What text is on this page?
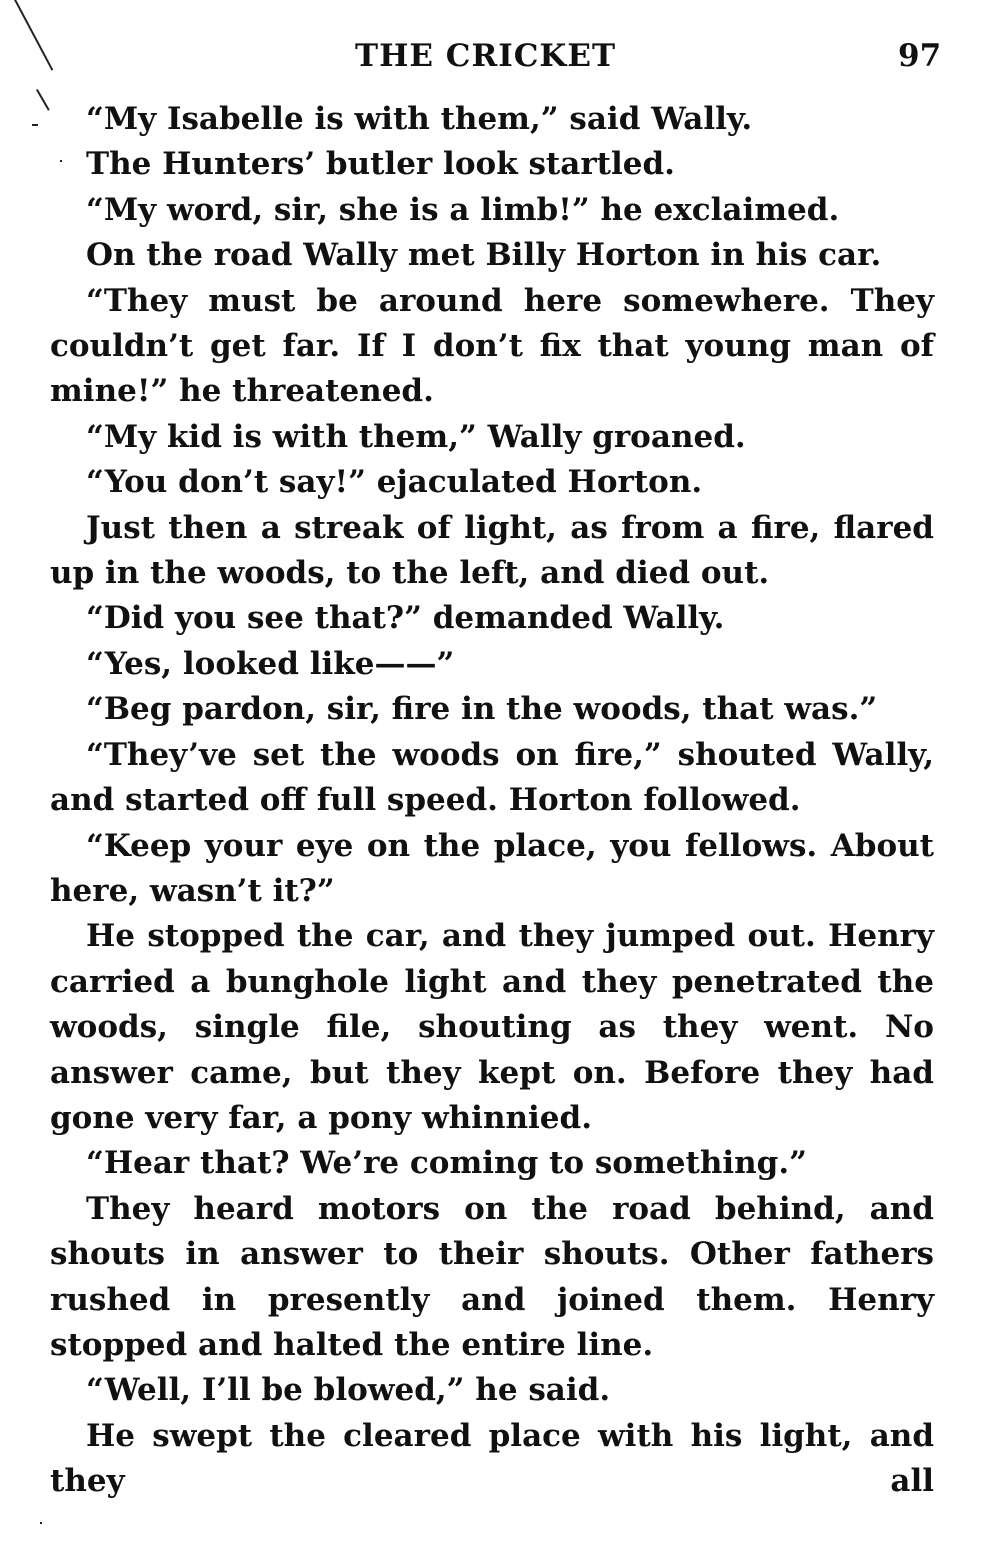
THE CRICKET	97

“My Isabelle is with them,” said Wally.

The Hunters’ butler look startled.

“My word, sir, she is a limb!” he exclaimed.

On the road Wally met Billy Horton in his car.

“They must be around here somewhere. They couldn’t get far. If I don’t fix that young man of mine!” he threatened.

“My kid is with them,” Wally groaned.

“You don’t say!” ejaculated Horton.

Just then a streak of light, as from a fire, flared up in the woods, to the left, and died out.

“Did you see that?” demanded Wally.

“Yes, looked like——”

“Beg pardon, sir, fire in the woods, that was.”

“They’ve set the woods on fire,” shouted Wally, and started off full speed. Horton followed.

“Keep your eye on the place, you fellows. About here, wasn’t it?”

He stopped the car, and they jumped out. Henry carried a bunghole light and they penetrated the woods, single file, shouting as they went. No answer came, but they kept on. Before they had gone very far, a pony whinnied.

“Hear that? We’re coming to something.”

They heard motors on the road behind, and shouts in answer to their shouts. Other fathers rushed in presently and joined them. Henry stopped and halted the entire line.

“Well, I’ll be blowed,” he said.

He swept the cleared place with his light, and they all
